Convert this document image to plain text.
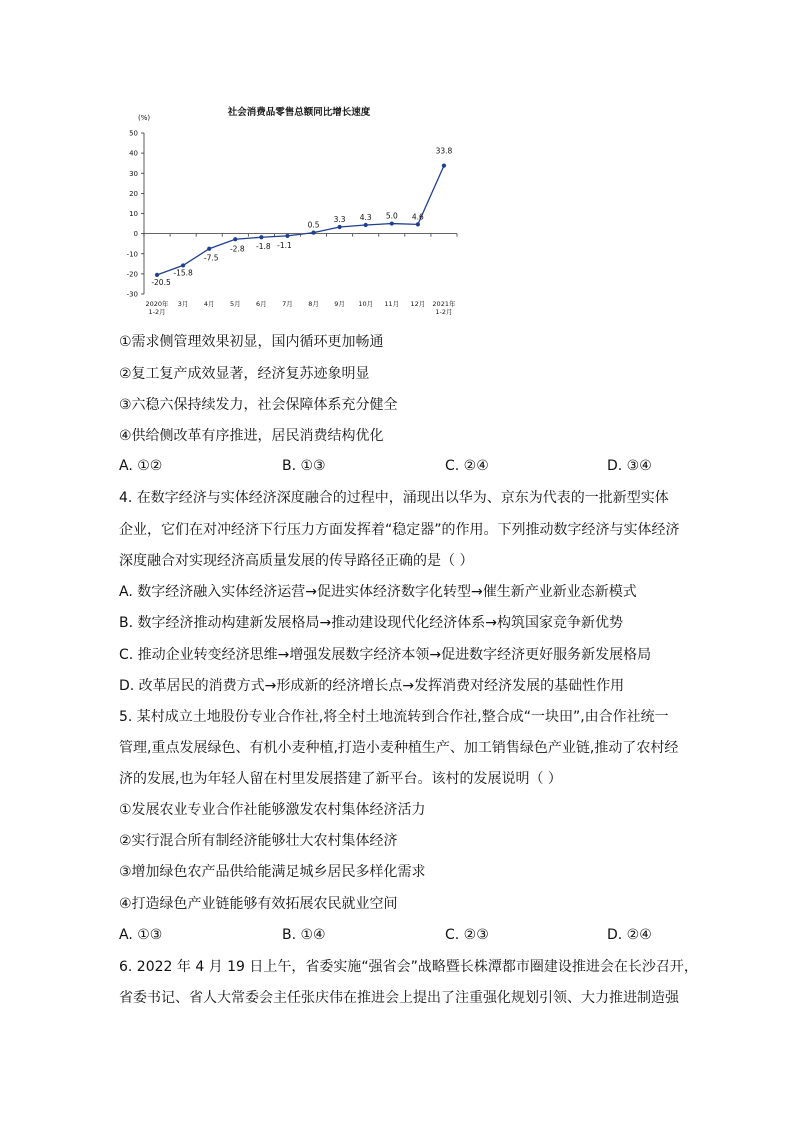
社会消费品零售总额同比增长速度
(%)
50
40
30
20
10
0
-10
-20
-30
2020年 1-2月
3月 4月 5月 6月 7月 8月 9月 10月 11月 12月 2021年 1-2月
-20.5
-15.8
-7.5
-2.8 -1.8 -1.1
0.5
3.3 4.3 5.0 4.6
33.8
①需求侧管理效果初显，国内循环更加畅通
②复工复产成效显著，经济复苏迹象明显
③六稳六保持续发力，社会保障体系充分健全
④供给侧改革有序推进，居民消费结构优化
A. ①②	B. ①③	C. ②④	D. ③④
4. 在数字经济与实体经济深度融合的过程中，涌现出以华为、京东为代表的一批新型实体
企业，它们在对冲经济下行压力方面发挥着“稳定器”的作用。下列推动数字经济与实体经济
深度融合对实现经济高质量发展的传导路径正确的是（ ）
A. 数字经济融入实体经济运营→促进实体经济数字化转型→催生新产业新业态新模式
B. 数字经济推动构建新发展格局→推动建设现代化经济体系→构筑国家竞争新优势
C. 推动企业转变经济思维→增强发展数字经济本领→促进数字经济更好服务新发展格局
D. 改革居民的消费方式→形成新的经济增长点→发挥消费对经济发展的基础性作用
5. 某村成立土地股份专业合作社,将全村土地流转到合作社,整合成“一块田”,由合作社统一
管理,重点发展绿色、有机小麦种植,打造小麦种植生产、加工销售绿色产业链,推动了农村经
济的发展,也为年轻人留在村里发展搭建了新平台。该村的发展说明（ ）
①发展农业专业合作社能够激发农村集体经济活力
②实行混合所有制经济能够壮大农村集体经济
③增加绿色农产品供给能满足城乡居民多样化需求
④打造绿色产业链能够有效拓展农民就业空间
A. ①③	B. ①④	C. ②③	D. ②④
6. 2022 年 4 月 19 日上午，省委实施“强省会”战略暨长株潭都市圈建设推进会在长沙召开，
省委书记、省人大常委会主任张庆伟在推进会上提出了注重强化规划引领、大力推进制造强
